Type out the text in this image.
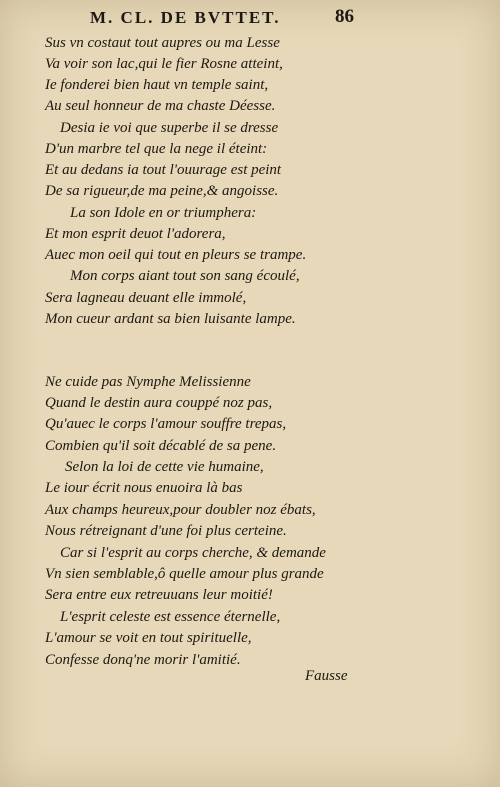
M. CL. DE BVTTET.	86
Sus vn costaut tout aupres ou ma Lesse
Va voir son lac,qui le fier Rosne atteint,
Ie fonderei bien haut vn temple saint,
Au seul honneur de ma chaste Déesse.
Desia ie voi que superbe il se dresse
D'un marbre tel que la nege il éteint:
Et au dedans ia tout l'ouurage est peint
De sa rigueur,de ma peine,& angoisse.
La son Idole en or triumphera:
Et mon esprit deuot l'adorera,
Auec mon oeil qui tout en pleurs se trampe.
Mon corps aiant tout son sang écoulé,
Sera lagneau deuant elle immolé,
Mon cueur ardant sa bien luisante lampe.
Ne cuide pas Nymphe Melissienne
Quand le destin aura couppé noz pas,
Qu'auec le corps l'amour souffre trepas,
Combien qu'il soit décablé de sa pene.
Selon la loi de cette vie humaine,
Le iour écrit nous enuoira là bas
Aux champs heureux,pour doubler noz ébats,
Nous rétreignant d'une foi plus certeine.
Car si l'esprit au corps cherche, & demande
Vn sien semblable,ô quelle amour plus grande
Sera entre eux retreuuans leur moitié!
L'esprit celeste est essence éternelle,
L'amour se voit en tout spirituelle,
Confesse donq'ne morir l'amitié.
Fausse
